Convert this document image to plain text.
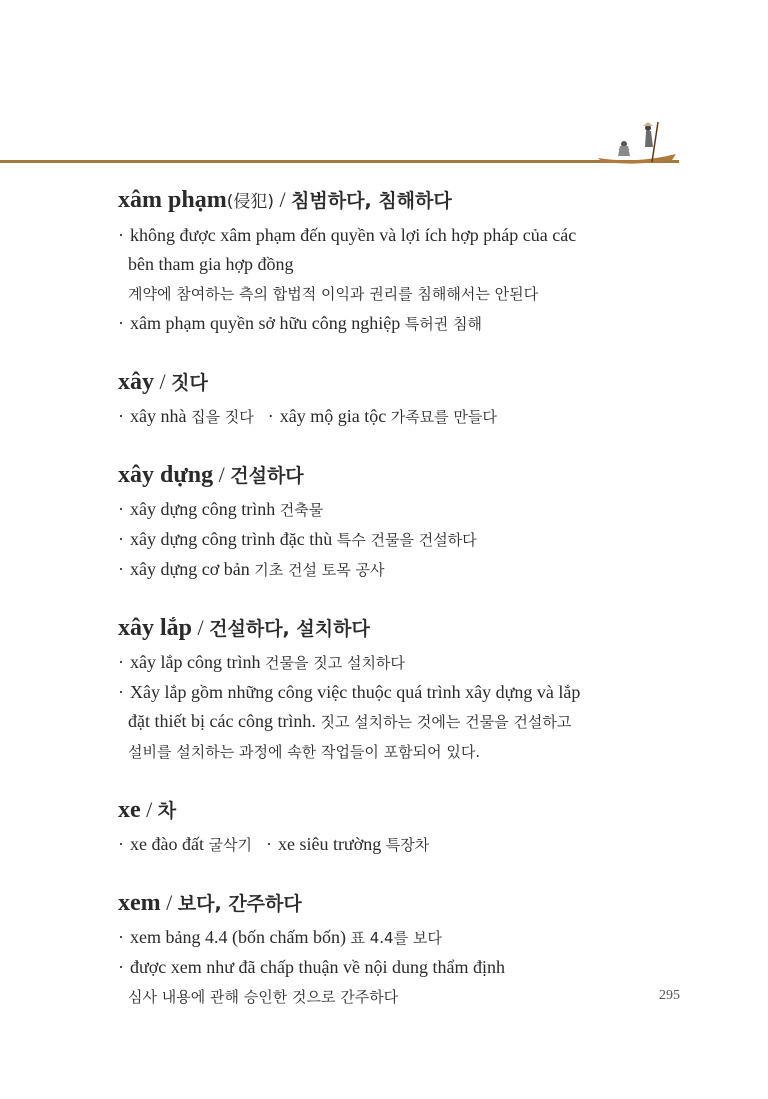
xâm phạm(侵犯) / 침범하다, 침해하다
· không được xâm phạm đến quyền và lợi ích hợp pháp của các
bên tham gia hợp đồng
계약에 참여하는 측의 합법적 이익과 권리를 침해해서는 안된다
· xâm phạm quyền sở hữu công nghiệp 특허권 침해
xây / 짓다
· xây nhà 집을 짓다 · xây mộ gia tộc 가족묘를 만들다
xây dựng / 건설하다
· xây dựng công trình 건축물
· xây dựng công trình đặc thù 특수 건물을 건설하다
· xây dựng cơ bản 기초 건설 토목 공사
xây lắp / 건설하다, 설치하다
· xây lắp công trình 건물을 짓고 설치하다
· Xây lắp gồm những công việc thuộc quá trình xây dựng và lắp
đặt thiết bị các công trình. 짓고 설치하는 것에는 건물을 건설하고
설비를 설치하는 과정에 속한 작업들이 포함되어 있다.
xe / 차
· xe đào đất 굴삭기 · xe siêu trường 특장차
xem / 보다, 간주하다
· xem bảng 4.4 (bốn chấm bốn) 표 4.4를 보다
· được xem như đã chấp thuận về nội dung thẩm định
심사 내용에 관해 승인한 것으로 간주하다	295
